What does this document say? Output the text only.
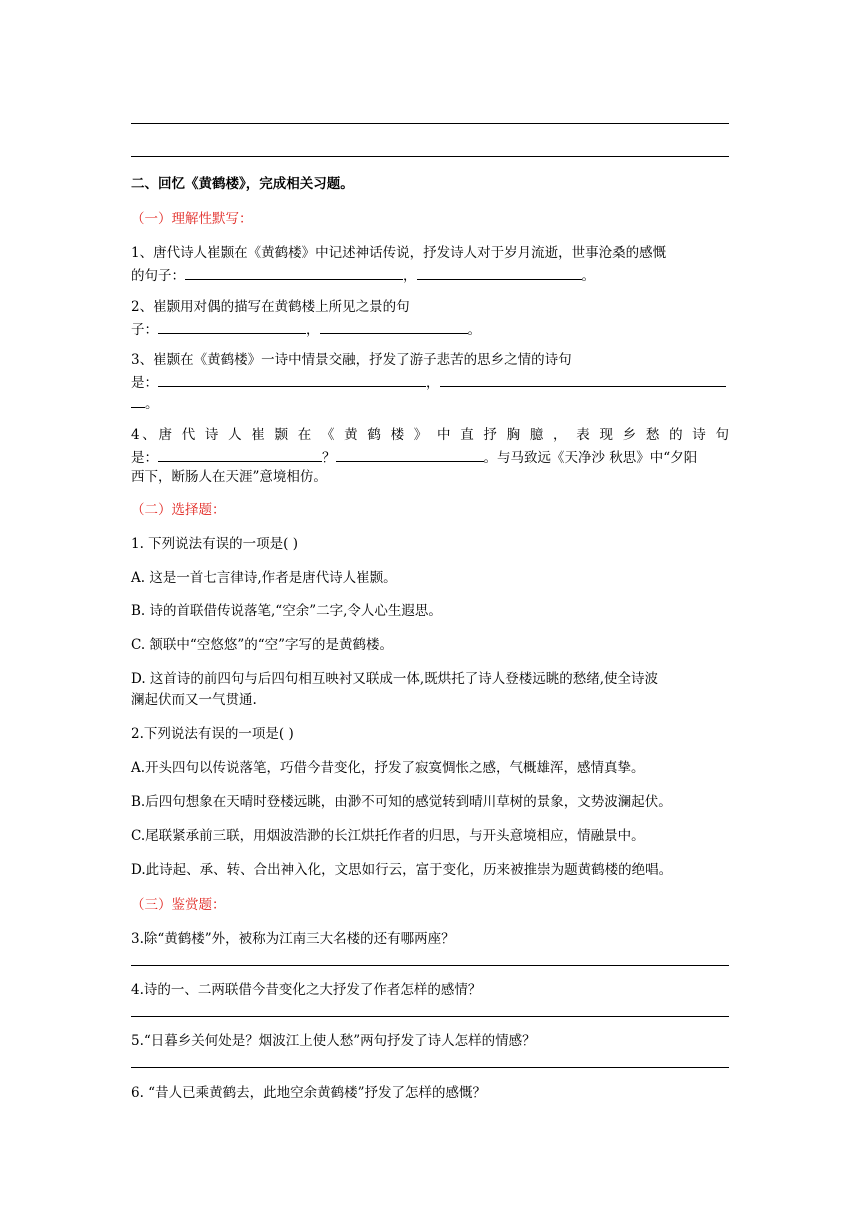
二、回忆《黄鹤楼》，完成相关习题。
（一）理解性默写：
1、唐代诗人崔颢在《黄鹤楼》中记述神话传说，抒发诗人对于岁月流逝，世事沧桑的感慨
的句子：	，	。
2、崔颢用对偶的描写在黄鹤楼上所见之景的句
子：	，	。
3、崔颢在《黄鹤楼》一诗中情景交融，抒发了游子悲苦的思乡之情的诗句
是：	，
。
4、唐 代 诗 人 崔 颢 在 《 黄 鹤 楼 》 中 直 抒 胸 臆 ， 表 现 乡 愁 的 诗 句
是：	？	。与马致远《天净沙 秋思》中“夕阳
西下，断肠人在天涯”意境相仿。
（二）选择题：
1. 下列说法有误的一项是( )
A. 这是一首七言律诗,作者是唐代诗人崔颢。
B. 诗的首联借传说落笔,“空余”二字,令人心生遐思。
C. 颔联中“空悠悠”的“空”字写的是黄鹤楼。
D. 这首诗的前四句与后四句相互映衬又联成一体,既烘托了诗人登楼远眺的愁绪,使全诗波
澜起伏而又一气贯通.
2.下列说法有误的一项是( )
A.开头四句以传说落笔，巧借今昔变化，抒发了寂寞惆怅之感，气概雄浑，感情真挚。
B.后四句想象在天晴时登楼远眺，由渺不可知的感觉转到晴川草树的景象，文势波澜起伏。
C.尾联紧承前三联，用烟波浩渺的长江烘托作者的归思，与开头意境相应，情融景中。
D.此诗起、承、转、合出神入化，文思如行云，富于变化，历来被推崇为题黄鹤楼的绝唱。
（三）鉴赏题：
3.除“黄鹤楼”外，被称为江南三大名楼的还有哪两座？
4.诗的一、二两联借今昔变化之大抒发了作者怎样的感情？
5.“日暮乡关何处是？烟波江上使人愁”两句抒发了诗人怎样的情感？
6. “昔人已乘黄鹤去，此地空余黄鹤楼”抒发了怎样的感慨？
